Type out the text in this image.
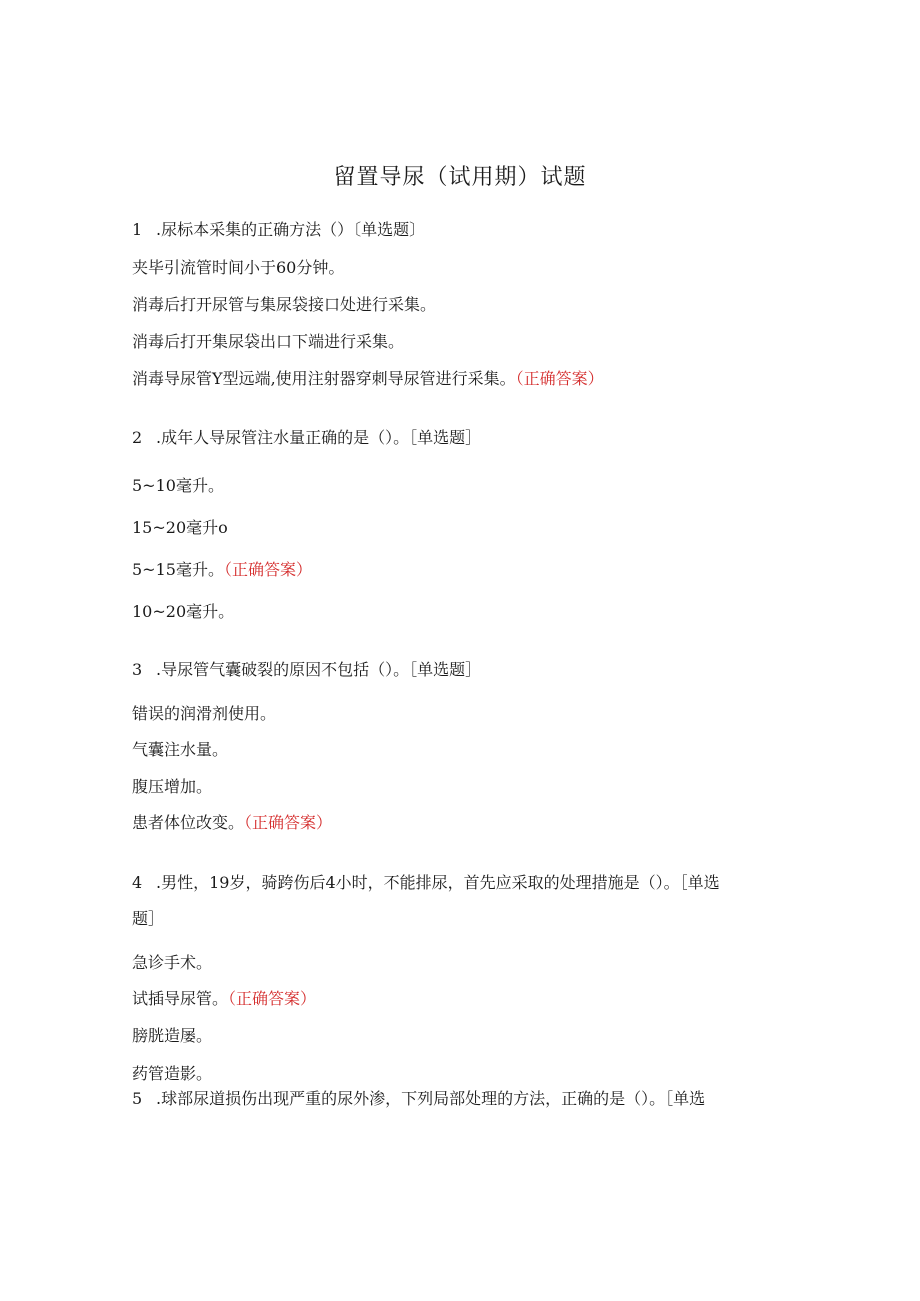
留置导尿（试用期）试题
1 .尿标本采集的正确方法（）〔单选题〕
夹毕引流管时间小于60分钟。
消毒后打开尿管与集尿袋接口处进行采集。
消毒后打开集尿袋出口下端进行采集。
消毒导尿管Y型远端,使用注射器穿刺导尿管进行采集。（正确答案）
2 .成年人导尿管注水量正确的是（）。［单选题］
5~10毫升。
15~20毫升o
5~15毫升。（正确答案）
10~20毫升。
3 .导尿管气囊破裂的原因不包括（）。［单选题］
错误的润滑剂使用。
气囊注水量。
腹压增加。
患者体位改变。（正确答案）
4 .男性，19岁，骑跨伤后4小时，不能排尿，首先应采取的处理措施是（）。［单选
题］
急诊手术。
试插导尿管。（正确答案）
膀胱造屡。
药管造影。
5 .球部尿道损伤出现严重的尿外渗，下列局部处理的方法，正确的是（）。［单选
